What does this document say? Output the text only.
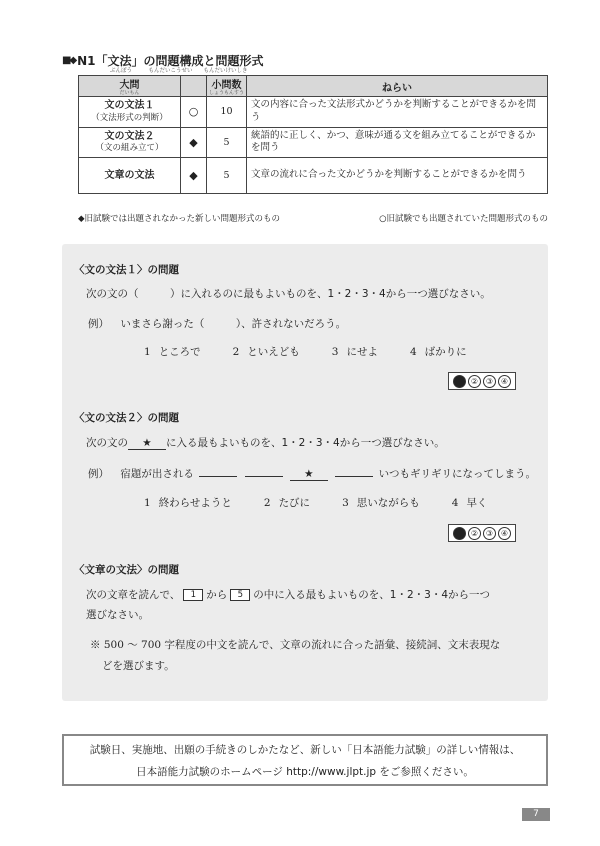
■◆ N1「文法」の問題構成と問題形式
ぶんぽう　　　もんだいこうせい　　もんだいけいしき
大問
だいもん		小問数
しょうもんすう	ねらい

文の文法１
（文法形式の判断）	○	10	文の内容に合った文法形式かどうかを判断することができるかを問う

文の文法２
（文の組み立て）	◆	5	統語的に正しく、かつ、意味が通る文を組み立てることができるかを問う

文章の文法	◆	5	文章の流れに合った文かどうかを判断することができるかを問う
◆旧試験では出題されなかった新しい問題形式のもの	○旧試験でも出題されていた問題形式のもの
〈文の文法１〉の問題
次の文の（　　　）に入れるのに最もよいものを、1・2・3・4から一つ選びなさい。
例） いまさら謝った（　　　）、許されないだろう。
1 ところで	2 といえども	3 にせよ	4 ばかりに
② ③ ④
〈文の文法２〉の問題
次の文の ★ に入る最もよいものを、1・2・3・4から一つ選びなさい。
例） 宿題が出される	★	いつもギリギリになってしまう。
1 終わらせようと	2 たびに	3 思いながらも	4 早く
② ③ ④
〈文章の文法〉の問題
次の文章を読んで、 1 から 5 の中に入る最もよいものを、1・2・3・4から一つ
選びなさい。
※ 500 ～ 700 字程度の中文を読んで、文章の流れに合った語彙、接続詞、文末表現な
どを選びます。
試験日、実施地、出願の手続きのしかたなど、新しい「日本語能力試験」の詳しい情報は、
日本語能力試験のホームページ http://www.jlpt.jp をご参照ください。
7
